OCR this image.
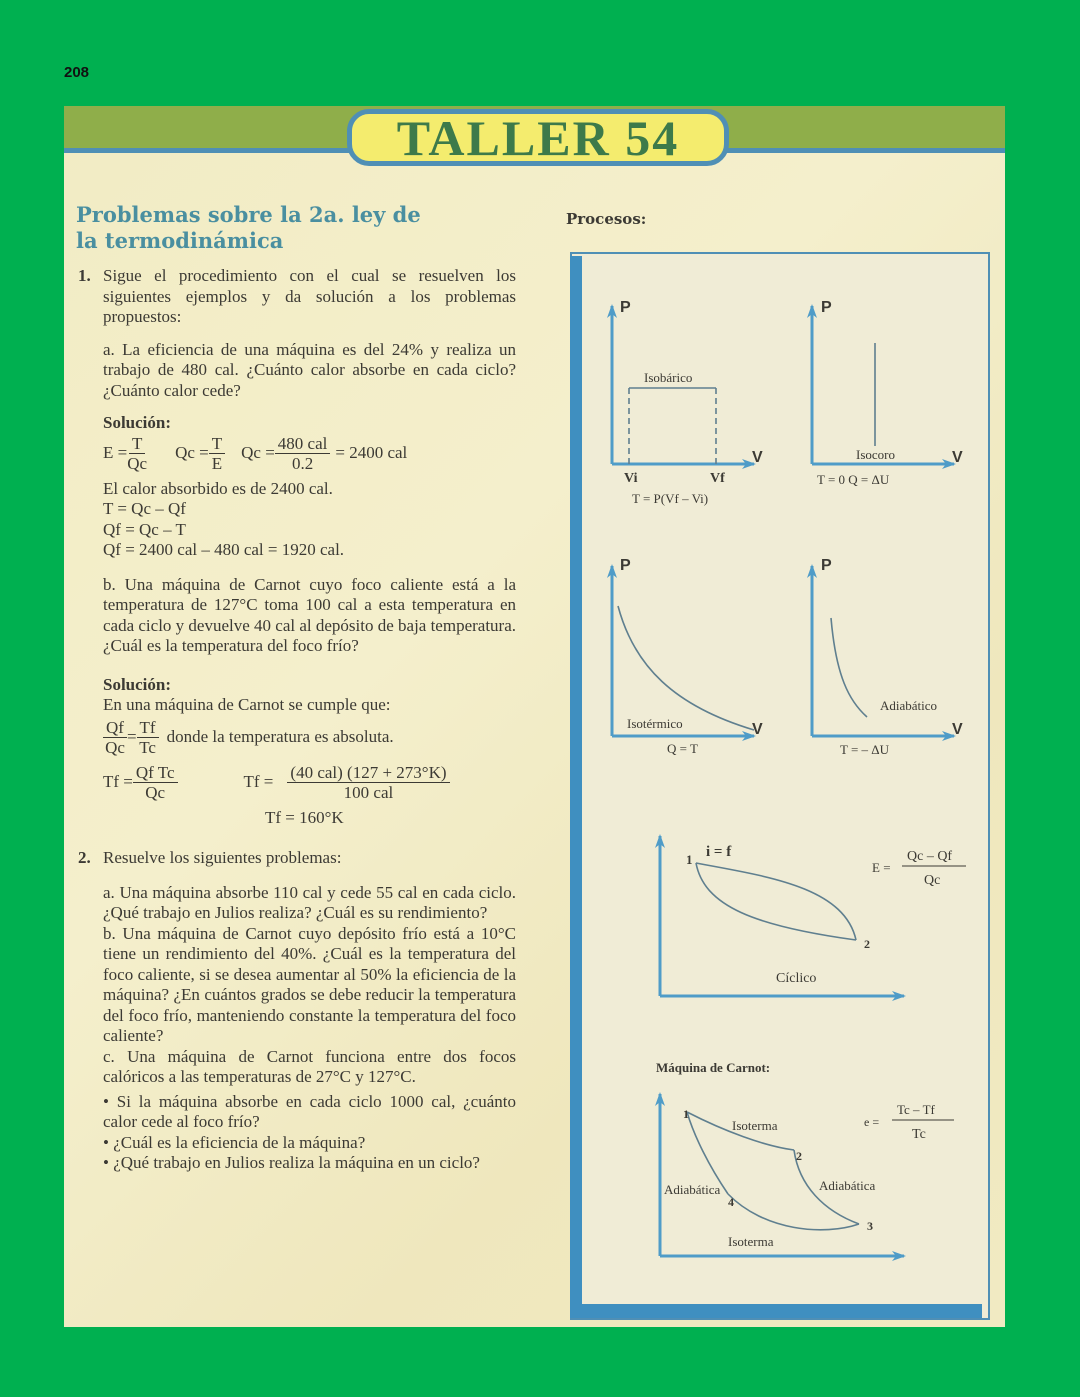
208
TALLER 54
Problemas sobre la 2a. ley de
la termodinámica
1. Sigue el procedimiento con el cual se resuelven los siguientes ejemplos y da solución a los problemas propuestos:
a. La eficiencia de una máquina es del 24% y realiza un trabajo de 480 cal. ¿Cuánto calor absorbe en cada ciclo? ¿Cuánto calor cede?
Solución:
$E = \frac{T}{Qc}$ $Qc = \frac{T}{E}$ $Qc = \frac{\text{480 cal}}{0.2} = 2400$ cal
El calor absorbido es de 2400 cal.
T = Qc – Qf
Qf = Qc – T
Qf = 2400 cal – 480 cal = 1920 cal.
b. Una máquina de Carnot cuyo foco caliente está a la temperatura de 127°C toma 100 cal a esta temperatura en cada ciclo y devuelve 40 cal al depósito de baja temperatura. ¿Cuál es la temperatura del foco frío?
Solución:
En una máquina de Carnot se cumple que:
$\frac{Qf}{Qc} = \frac{Tf}{Tc}$ donde la temperatura es absoluta.
$Tf = \frac{\text{Qf Tc}}{Qc}$	$Tf = \frac{\text{(40 cal) (127 + 273°K)}}{\text{100 cal}}$
Tf = 160°K
2. Resuelve los siguientes problemas:
a. Una máquina absorbe 110 cal y cede 55 cal en cada ciclo. ¿Qué trabajo en Julios realiza? ¿Cuál es su rendimiento?
b. Una máquina de Carnot cuyo depósito frío está a 10°C tiene un rendimiento del 40%. ¿Cuál es la temperatura del foco caliente, si se desea aumentar al 50% la eficiencia de la máquina? ¿En cuántos grados se debe reducir la temperatura del foco frío, manteniendo constante la temperatura del foco caliente?
c. Una máquina de Carnot funciona entre dos focos calóricos a las temperaturas de 27°C y 127°C.
• Si la máquina absorbe en cada ciclo 1000 cal, ¿cuánto calor cede al foco frío?
• ¿Cuál es la eficiencia de la máquina?
• ¿Qué trabajo en Julios realiza la máquina en un ciclo?
Procesos:
P
V
P
V
P
V
P
V
Isobárico
Vi	Vf
T = P(Vf – Vi)
Isocoro
T = 0 Q = ΔU
Isotérmico
Q = T
Adiabático
T = – ΔU
1 i = f
2
Cíclico
E =
Qc – Qf
Qc
Máquina de Carnot:
1
Isoterma
2
Adiabática
4
Adiabática
3
Isoterma
e =
Tc – Tf
Tc
